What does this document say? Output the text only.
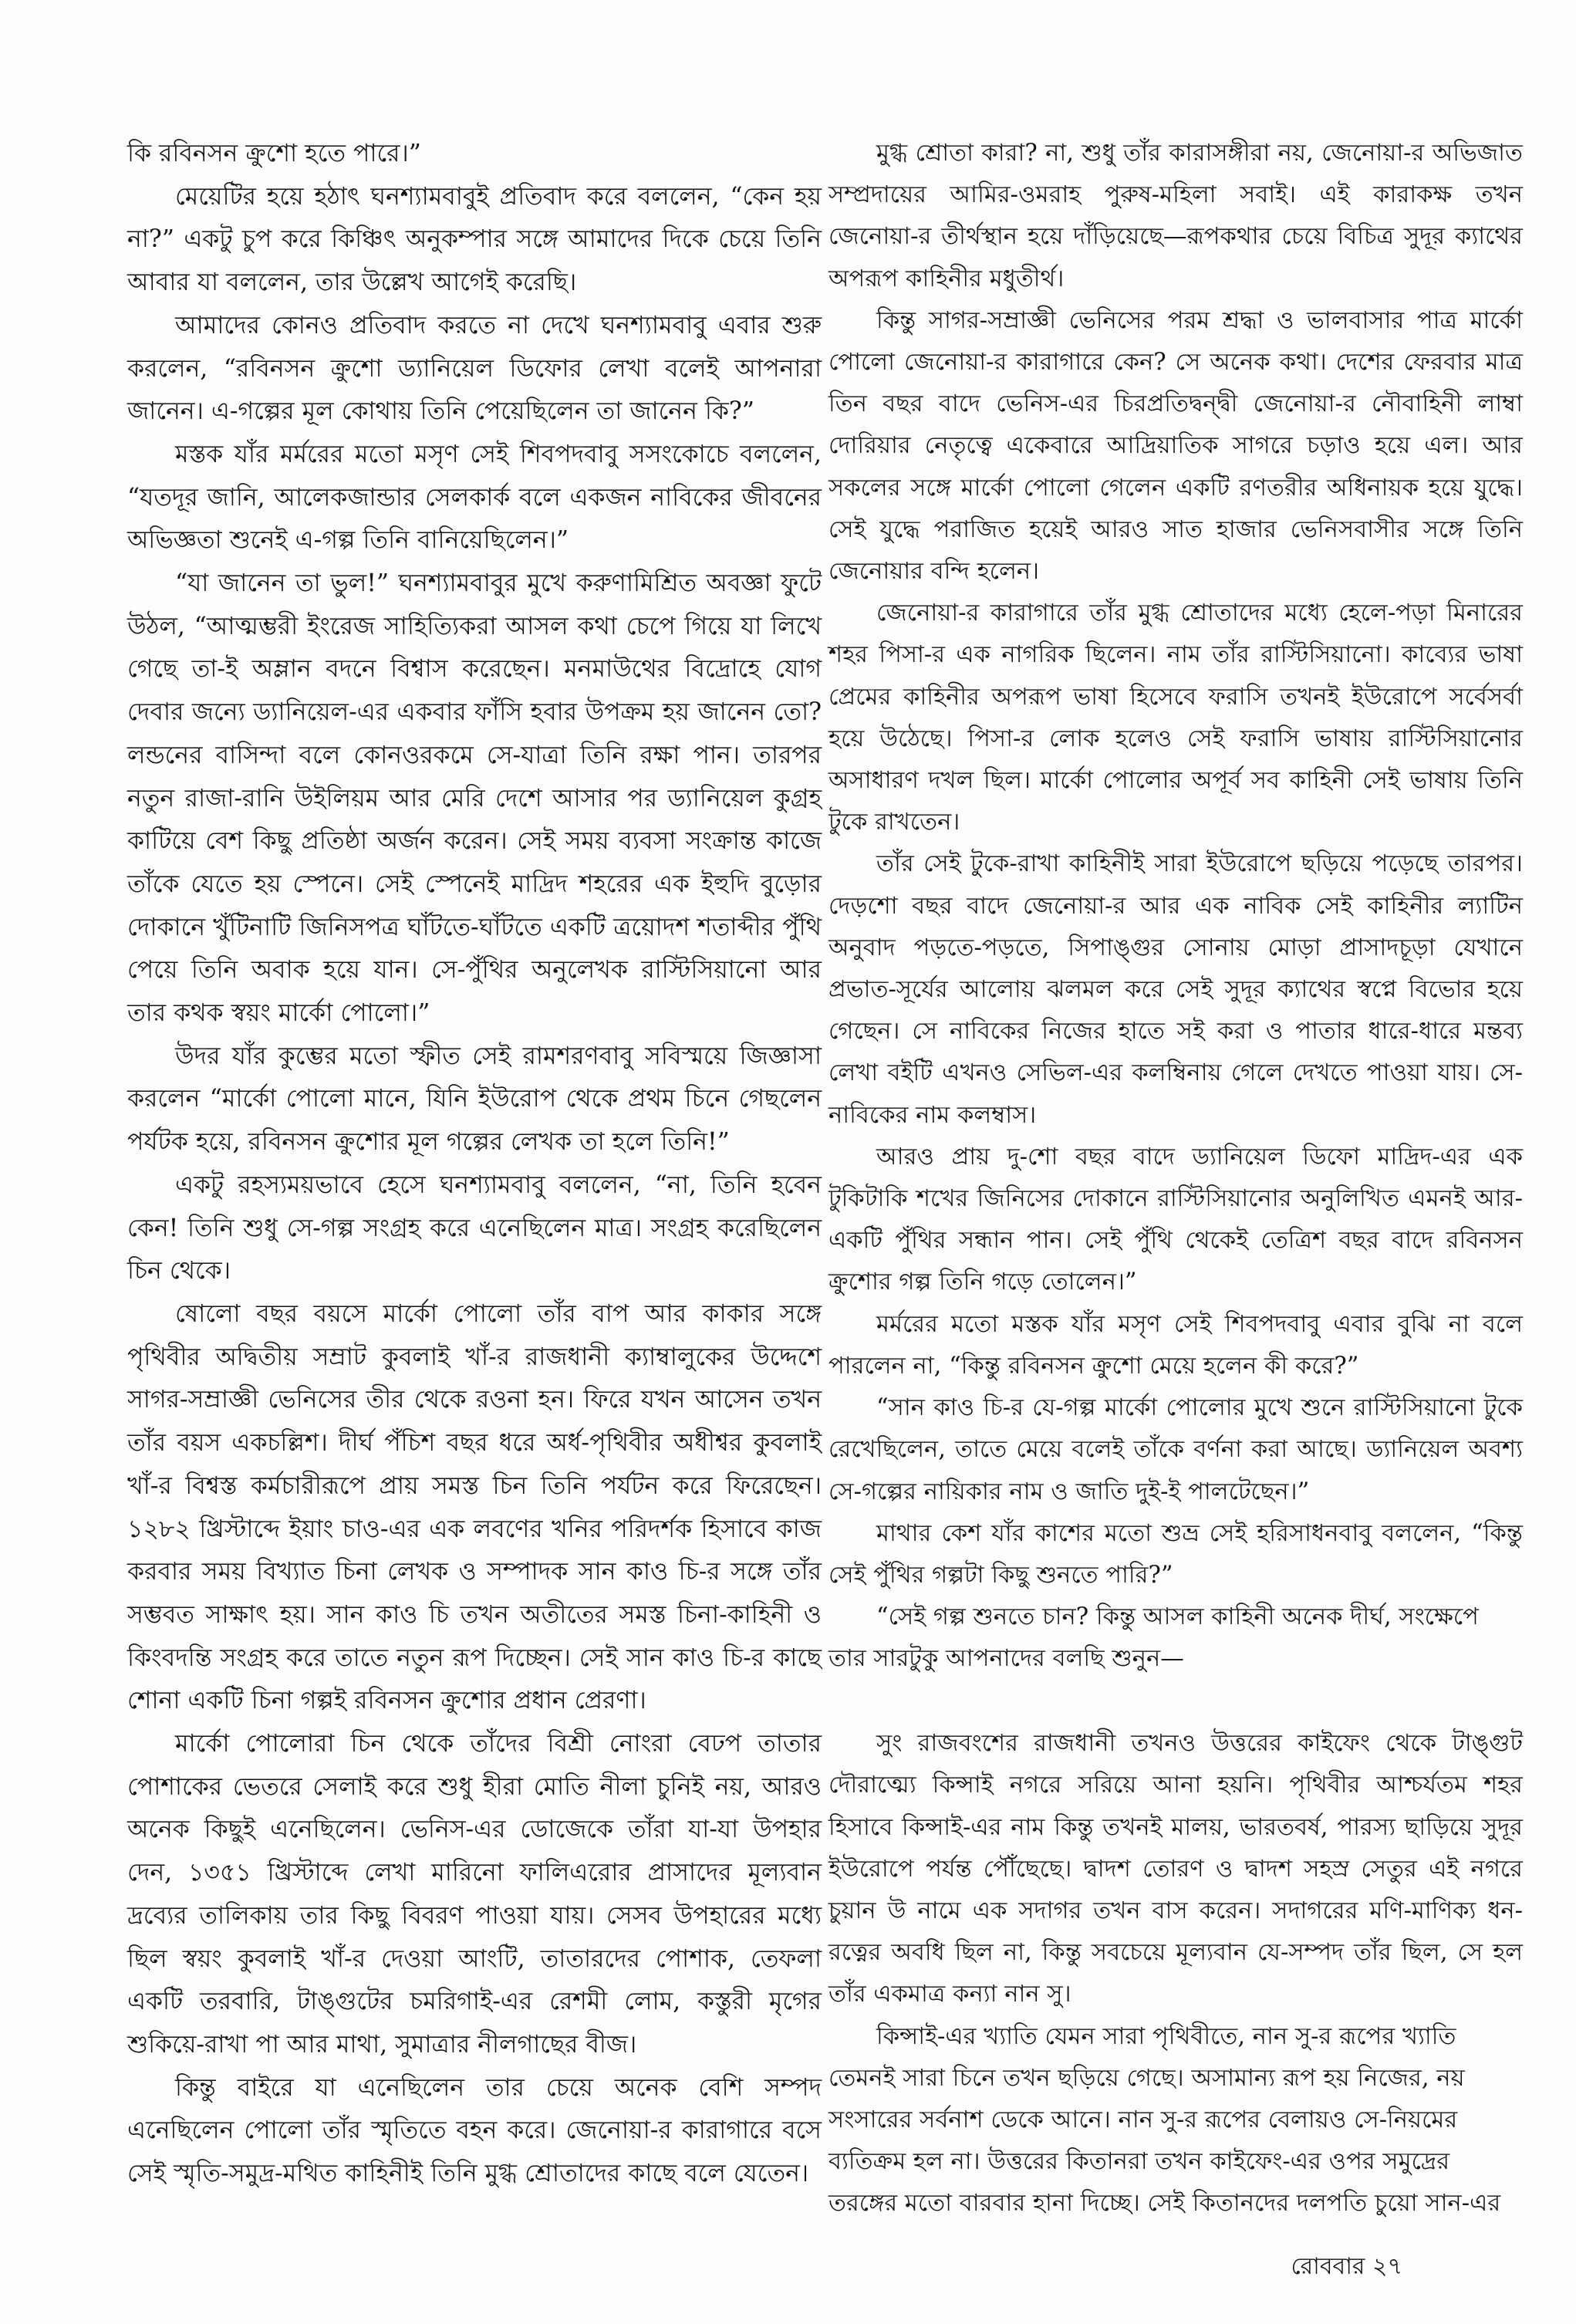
কি রবিনসন ক্রুশো হতে পারে।”

মেয়েটির হয়ে হঠাৎ ঘনশ্যামবাবুই প্রতিবাদ করে বললেন, “কেন হয় না?” একটু চুপ করে কিঞ্চিৎ অনুকম্পার সঙ্গে আমাদের দিকে চেয়ে তিনি আবার যা বললেন, তার উল্লেখ আগেই করেছি।

আমাদের কোনও প্রতিবাদ করতে না দেখে ঘনশ্যামবাবু এবার শুরু করলেন, “রবিনসন ক্রুশো ড্যানিয়েল ডিফোর লেখা বলেই আপনারা জানেন। এ-গল্পের মূল কোথায় তিনি পেয়েছিলেন তা জানেন কি?”

মস্তক যাঁর মর্মরের মতো মসৃণ সেই শিবপদবাবু সসংকোচে বললেন, “যতদূর জানি, আলেকজান্ডার সেলকার্ক বলে একজন নাবিকের জীবনের অভিজ্ঞতা শুনেই এ-গল্প তিনি বানিয়েছিলেন।”

“যা জানেন তা ভুল!” ঘনশ্যামবাবুর মুখে করুণামিশ্রিত অবজ্ঞা ফুটে উঠল, “আত্মম্ভরী ইংরেজ সাহিত্যিকরা আসল কথা চেপে গিয়ে যা লিখে গেছে তা-ই অম্লান বদনে বিশ্বাস করেছেন। মনমাউথের বিদ্রোহে যোগ দেবার জন্যে ড্যানিয়েল-এর একবার ফাঁসি হবার উপক্রম হয় জানেন তো? লন্ডনের বাসিন্দা বলে কোনওরকমে সে-যাত্রা তিনি রক্ষা পান। তারপর নতুন রাজা-রানি উইলিয়ম আর মেরি দেশে আসার পর ড্যানিয়েল কুগ্রহ কাটিয়ে বেশ কিছু প্রতিষ্ঠা অর্জন করেন। সেই সময় ব্যবসা সংক্রান্ত কাজে তাঁকে যেতে হয় স্পেনে। সেই স্পেনেই মাদ্রিদ শহরের এক ইহুদি বুড়োর দোকানে খুঁটিনাটি জিনিসপত্র ঘাঁটতে-ঘাঁটতে একটি ত্রয়োদশ শতাব্দীর পুঁথি পেয়ে তিনি অবাক হয়ে যান। সে-পুঁথির অনুলেখক রাস্টিসিয়ানো আর তার কথক স্বয়ং মার্কো পোলো।”

উদর যাঁর কুম্ভের মতো স্ফীত সেই রামশরণবাবু সবিস্ময়ে জিজ্ঞাসা করলেন “মার্কো পোলো মানে, যিনি ইউরোপ থেকে প্রথম চিনে গেছলেন পর্যটক হয়ে, রবিনসন ক্রুশোর মূল গল্পের লেখক তা হলে তিনি!”

একটু রহস্যময়ভাবে হেসে ঘনশ্যামবাবু বললেন, “না, তিনি হবেন কেন! তিনি শুধু সে-গল্প সংগ্রহ করে এনেছিলেন মাত্র। সংগ্রহ করেছিলেন চিন থেকে।

ষোলো বছর বয়সে মার্কো পোলো তাঁর বাপ আর কাকার সঙ্গে পৃথিবীর অদ্বিতীয় সম্রাট কুবলাই খাঁ-র রাজধানী ক্যাম্বালুকের উদ্দেশে সাগর-সম্রাজ্ঞী ভেনিসের তীর থেকে রওনা হন। ফিরে যখন আসেন তখন তাঁর বয়স একচল্লিশ। দীর্ঘ পঁচিশ বছর ধরে অর্ধ-পৃথিবীর অধীশ্বর কুবলাই খাঁ-র বিশ্বস্ত কর্মচারীরূপে প্রায় সমস্ত চিন তিনি পর্যটন করে ফিরেছেন। ১২৮২ খ্রিস্টাব্দে ইয়াং চাও-এর এক লবণের খনির পরিদর্শক হিসাবে কাজ করবার সময় বিখ্যাত চিনা লেখক ও সম্পাদক সান কাও চি-র সঙ্গে তাঁর সম্ভবত সাক্ষাৎ হয়। সান কাও চি তখন অতীতের সমস্ত চিনা-কাহিনী ও কিংবদন্তি সংগ্রহ করে তাতে নতুন রূপ দিচ্ছেন। সেই সান কাও চি-র কাছে শোনা একটি চিনা গল্পই রবিনসন ক্রুশোর প্রধান প্রেরণা।

মার্কো পোলোরা চিন থেকে তাঁদের বিশ্রী নোংরা বেঢপ তাতার পোশাকের ভেতরে সেলাই করে শুধু হীরা মোতি নীলা চুনিই নয়, আরও অনেক কিছুই এনেছিলেন। ভেনিস-এর ডোজেকে তাঁরা যা-যা উপহার দেন, ১৩৫১ খ্রিস্টাব্দে লেখা মারিনো ফালিএরোর প্রাসাদের মূল্যবান দ্রব্যের তালিকায় তার কিছু বিবরণ পাওয়া যায়। সেসব উপহারের মধ্যে ছিল স্বয়ং কুবলাই খাঁ-র দেওয়া আংটি, তাতারদের পোশাক, তেফলা একটি তরবারি, টাঙ্গুটের চমরিগাই-এর রেশমী লোম, কস্তুরী মৃগের শুকিয়ে-রাখা পা আর মাথা, সুমাত্রার নীলগাছের বীজ।

কিন্তু বাইরে যা এনেছিলেন তার চেয়ে অনেক বেশি সম্পদ এনেছিলেন পোলো তাঁর স্মৃতিতে বহন করে। জেনোয়া-র কারাগারে বসে সেই স্মৃতি-সমুদ্র-মথিত কাহিনীই তিনি মুগ্ধ শ্রোতাদের কাছে বলে যেতেন।

মুগ্ধ শ্রোতা কারা? না, শুধু তাঁর কারাসঙ্গীরা নয়, জেনোয়া-র অভিজাত সম্প্রদায়ের আমির-ওমরাহ পুরুষ-মহিলা সবাই। এই কারাকক্ষ তখন জেনোয়া-র তীর্থস্থান হয়ে দাঁড়িয়েছে—রূপকথার চেয়ে বিচিত্র সুদূর ক্যাথের অপরূপ কাহিনীর মধুতীর্থ।

কিন্তু সাগর-সম্রাজ্ঞী ভেনিসের পরম শ্রদ্ধা ও ভালবাসার পাত্র মার্কো পোলো জেনোয়া-র কারাগারে কেন? সে অনেক কথা। দেশের ফেরবার মাত্র তিন বছর বাদে ভেনিস-এর চিরপ্রতিদ্বন্দ্বী জেনোয়া-র নৌবাহিনী লাম্বা দোরিয়ার নেতৃত্বে একেবারে আদ্রিয়াতিক সাগরে চড়াও হয়ে এল। আর সকলের সঙ্গে মার্কো পোলো গেলেন একটি রণতরীর অধিনায়ক হয়ে যুদ্ধে। সেই যুদ্ধে পরাজিত হয়েই আরও সাত হাজার ভেনিসবাসীর সঙ্গে তিনি জেনোয়ার বন্দি হলেন।

জেনোয়া-র কারাগারে তাঁর মুগ্ধ শ্রোতাদের মধ্যে হেলে-পড়া মিনারের শহর পিসা-র এক নাগরিক ছিলেন। নাম তাঁর রাস্টিসিয়ানো। কাব্যের ভাষা প্রেমের কাহিনীর অপরূপ ভাষা হিসেবে ফরাসি তখনই ইউরোপে সর্বেসর্বা হয়ে উঠেছে। পিসা-র লোক হলেও সেই ফরাসি ভাষায় রাস্টিসিয়ানোর অসাধারণ দখল ছিল। মার্কো পোলোর অপূর্ব সব কাহিনী সেই ভাষায় তিনি টুকে রাখতেন।

তাঁর সেই টুকে-রাখা কাহিনীই সারা ইউরোপে ছড়িয়ে পড়েছে তারপর। দেড়শো বছর বাদে জেনোয়া-র আর এক নাবিক সেই কাহিনীর ল্যাটিন অনুবাদ পড়তে-পড়তে, সিপাঙ্গুর সোনায় মোড়া প্রাসাদচূড়া যেখানে প্রভাত-সূর্যের আলোয় ঝলমল করে সেই সুদূর ক্যাথের স্বপ্নে বিভোর হয়ে গেছেন। সে নাবিকের নিজের হাতে সই করা ও পাতার ধারে-ধারে মন্তব্য লেখা বইটি এখনও সেভিল-এর কলম্বিনায় গেলে দেখতে পাওয়া যায়। সে-নাবিকের নাম কলম্বাস।

আরও প্রায় দু-শো বছর বাদে ড্যানিয়েল ডিফো মাদ্রিদ-এর এক টুকিটাকি শখের জিনিসের দোকানে রাস্টিসিয়ানোর অনুলিখিত এমনই আর-একটি পুঁথির সন্ধান পান। সেই পুঁথি থেকেই তেত্রিশ বছর বাদে রবিনসন ক্রুশোর গল্প তিনি গড়ে তোলেন।”

মর্মরের মতো মস্তক যাঁর মসৃণ সেই শিবপদবাবু এবার বুঝি না বলে পারলেন না, “কিন্তু রবিনসন ক্রুশো মেয়ে হলেন কী করে?”

“সান কাও চি-র যে-গল্প মার্কো পোলোর মুখে শুনে রাস্টিসিয়ানো টুকে রেখেছিলেন, তাতে মেয়ে বলেই তাঁকে বর্ণনা করা আছে। ড্যানিয়েল অবশ্য সে-গল্পের নায়িকার নাম ও জাতি দুই-ই পালটেছেন।”

মাথার কেশ যাঁর কাশের মতো শুভ্র সেই হরিসাধনবাবু বললেন, “কিন্তু সেই পুঁথির গল্পটা কিছু শুনতে পারি?”

“সেই গল্প শুনতে চান? কিন্তু আসল কাহিনী অনেক দীর্ঘ, সংক্ষেপে তার সারটুকু আপনাদের বলছি শুনুন—

সুং রাজবংশের রাজধানী তখনও উত্তরের কাইফেং থেকে টাঙ্গুট দৌরাত্ম্যে কিন্সাই নগরে সরিয়ে আনা হয়নি। পৃথিবীর আশ্চর্যতম শহর হিসাবে কিন্সাই-এর নাম কিন্তু তখনই মালয়, ভারতবর্ষ, পারস্য ছাড়িয়ে সুদূর ইউরোপে পর্যন্ত পৌঁছেছে। দ্বাদশ তোরণ ও দ্বাদশ সহস্র সেতুর এই নগরে চুয়ান উ নামে এক সদাগর তখন বাস করেন। সদাগরের মণি-মাণিক্য ধন-রত্নের অবধি ছিল না, কিন্তু সবচেয়ে মূল্যবান যে-সম্পদ তাঁর ছিল, সে হল তাঁর একমাত্র কন্যা নান সু।

কিন্সাই-এর খ্যাতি যেমন সারা পৃথিবীতে, নান সু-র রূপের খ্যাতি তেমনই সারা চিনে তখন ছড়িয়ে গেছে। অসামান্য রূপ হয় নিজের, নয় সংসারের সর্বনাশ ডেকে আনে। নান সু-র রূপের বেলায়ও সে-নিয়মের ব্যতিক্রম হল না। উত্তরের কিতানরা তখন কাইফেং-এর ওপর সমুদ্রের তরঙ্গের মতো বারবার হানা দিচ্ছে। সেই কিতানদের দলপতি চুয়ো সান-এর

রোববার ২৭
